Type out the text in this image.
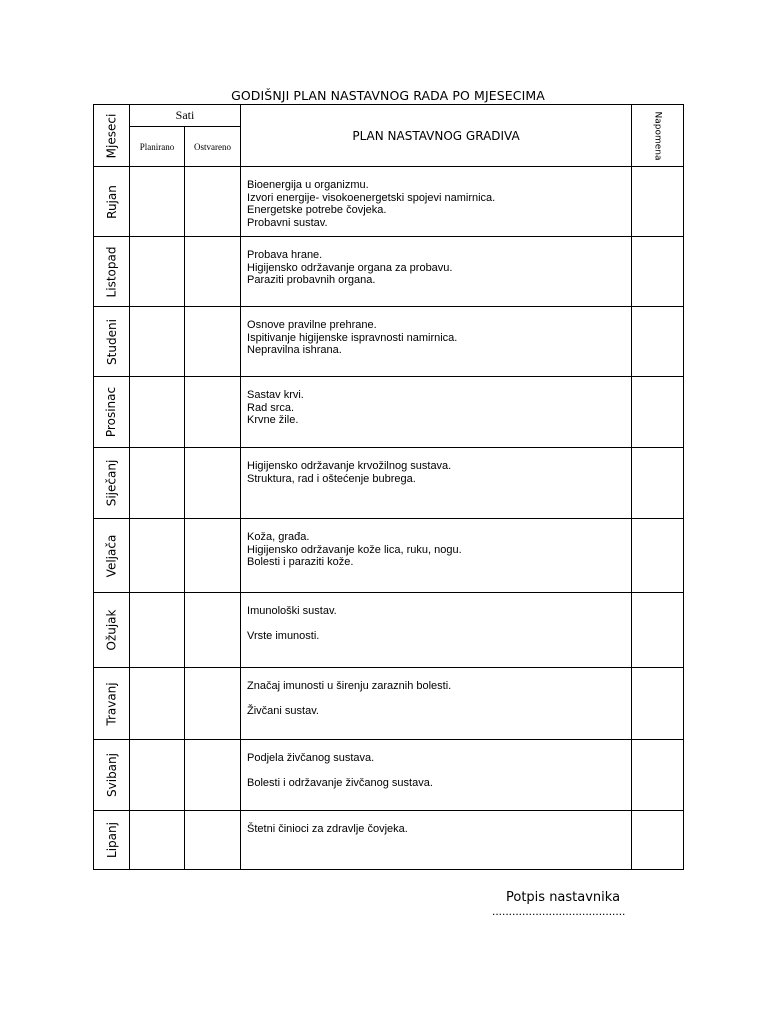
GODIŠNJI PLAN NASTAVNOG RADA PO MJESECIMA
Mjeseci	Sati		PLAN NASTAVNOG GRADIVA	Napomena

	Planirano	Ostvareno		

Rujan			Bioenergija u organizmu.
Izvori energije- visokoenergetski spojevi namirnica.
Energetske potrebe čovjeka.
Probavni sustav.	

Listopad			Probava hrane.
Higijensko održavanje organa za probavu.
Paraziti probavnih organa.	

Studeni			Osnove pravilne prehrane.
Ispitivanje higijenske ispravnosti namirnica.
Nepravilna ishrana.	

Prosinac			Sastav krvi.
Rad srca.
Krvne žile.	

Siječanj			Higijensko održavanje krvožilnog sustava.
Struktura, rad i oštećenje bubrega.	

Veljača			Koža, građa.
Higijensko održavanje kože lica, ruku, nogu.
Bolesti i paraziti kože.	

Ožujak			Imunološki sustav.
Vrste imunosti.	

Travanj			Značaj imunosti u širenju zaraznih bolesti.
Živčani sustav.	

Svibanj			Podjela živčanog sustava.
Bolesti i održavanje živčanog sustava.	

Lipanj			Štetni činioci za zdravlje čovjeka.	

Potpis nastavnika
........................................
